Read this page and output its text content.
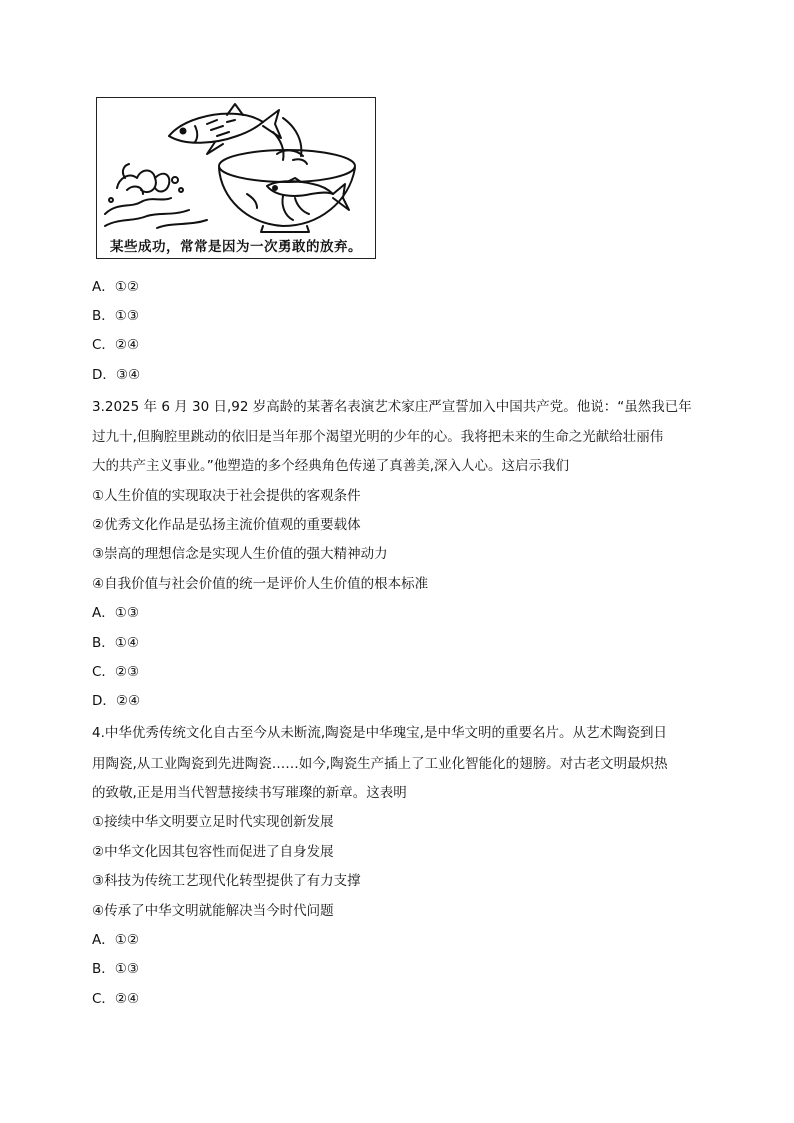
某些成功，常常是因为一次勇敢的放弃。
A．①②
B．①③
C．②④
D．③④
3.2025 年 6 月 30 日,92 岁高龄的某著名表演艺术家庄严宣誓加入中国共产党。他说：“虽然我已年
过九十,但胸腔里跳动的依旧是当年那个渴望光明的少年的心。我将把未来的生命之光献给壮丽伟
大的共产主义事业。”他塑造的多个经典角色传递了真善美,深入人心。这启示我们
①人生价值的实现取决于社会提供的客观条件
②优秀文化作品是弘扬主流价值观的重要载体
③崇高的理想信念是实现人生价值的强大精神动力
④自我价值与社会价值的统一是评价人生价值的根本标准
A．①③
B．①④
C．②③
D．②④
4.中华优秀传统文化自古至今从未断流,陶瓷是中华瑰宝,是中华文明的重要名片。从艺术陶瓷到日
用陶瓷,从工业陶瓷到先进陶瓷……如今,陶瓷生产插上了工业化智能化的翅膀。对古老文明最炽热
的致敬,正是用当代智慧接续书写璀璨的新章。这表明
①接续中华文明要立足时代实现创新发展
②中华文化因其包容性而促进了自身发展
③科技为传统工艺现代化转型提供了有力支撑
④传承了中华文明就能解决当今时代问题
A．①②
B．①③
C．②④
